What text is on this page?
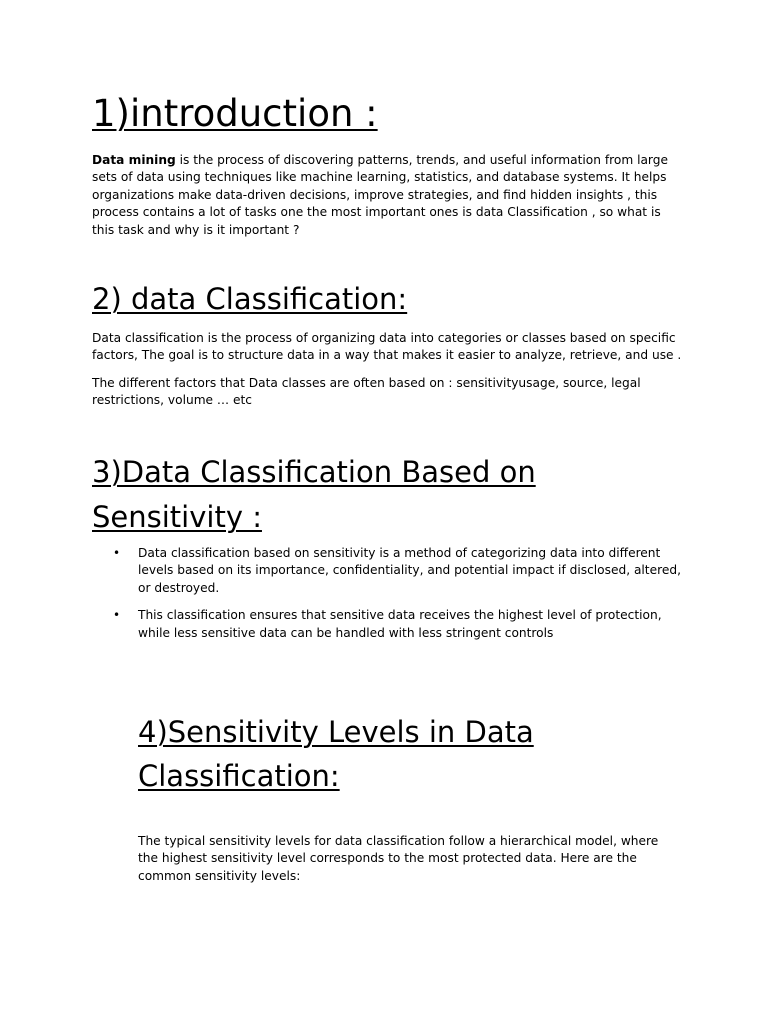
1)introduction :

Data mining is the process of discovering patterns, trends, and useful information from large sets of data using techniques like machine learning, statistics, and database systems. It helps organizations make data-driven decisions, improve strategies, and find hidden insights , this process contains a lot of tasks one the most important ones is data Classification , so what is this task and why is it important ?

2) data Classification:

Data classification is the process of organizing data into categories or classes based on specific factors, The goal is to structure data in a way that makes it easier to analyze, retrieve, and use .

The different factors that Data classes are often based on : sensitivityusage, source, legal restrictions, volume … etc

3)Data Classification Based on
Sensitivity :
• Data classification based on sensitivity is a method of categorizing data into different levels based on its importance, confidentiality, and potential impact if disclosed, altered, or destroyed.
• This classification ensures that sensitive data receives the highest level of protection, while less sensitive data can be handled with less stringent controls
4)Sensitivity Levels in Data
Classification:

The typical sensitivity levels for data classification follow a hierarchical model, where the highest sensitivity level corresponds to the most protected data. Here are the common sensitivity levels:
